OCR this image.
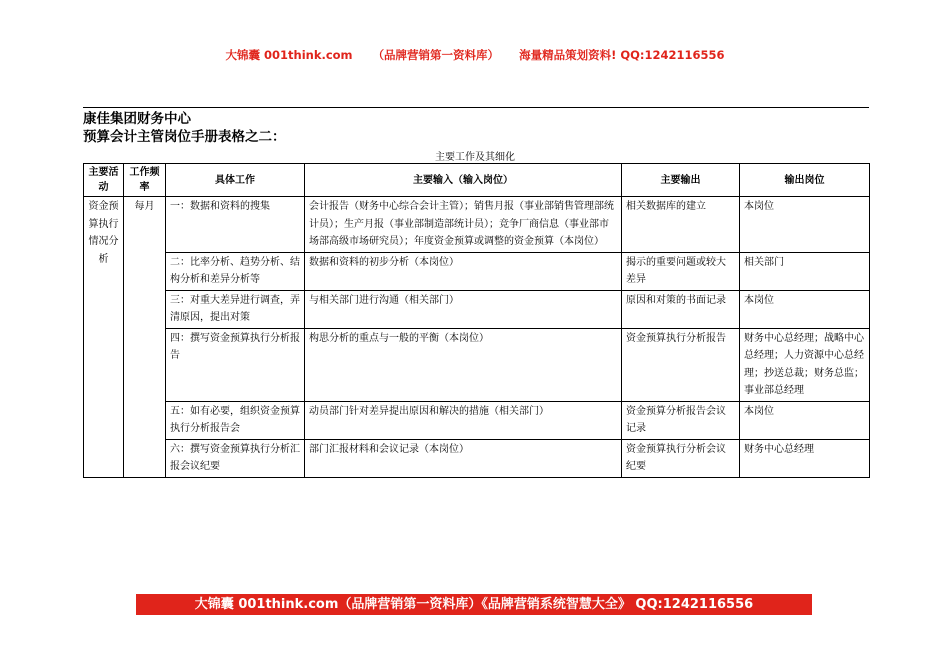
大锦囊 001think.com （品牌营销第一资料库） 海量精品策划资料! QQ:1242116556
康佳集团财务中心
预算会计主管岗位手册表格之二：
主要工作及其细化
主要活动	工作频率	具体工作	主要输入（输入岗位）	主要输出	输出岗位
资金预算执行情况分析	每月	一：数据和资料的搜集	会计报告（财务中心综合会计主管）；销售月报（事业部销售管理部统计员）；生产月报（事业部制造部统计员）；竞争厂商信息（事业部市场部高级市场研究员）；年度资金预算或调整的资金预算（本岗位）	相关数据库的建立	本岗位
		二：比率分析、趋势分析、结构分析和差异分析等	数据和资料的初步分析（本岗位）	揭示的重要问题或较大差异	相关部门
		三：对重大差异进行调查，弄清原因，提出对策	与相关部门进行沟通（相关部门）	原因和对策的书面记录	本岗位
		四：撰写资金预算执行分析报告	构思分析的重点与一般的平衡（本岗位）	资金预算执行分析报告	财务中心总经理；战略中心总经理；人力资源中心总经理；抄送总裁；财务总监；事业部总经理
		五：如有必要，组织资金预算执行分析报告会	动员部门针对差异提出原因和解决的措施（相关部门）	资金预算分析报告会议记录	本岗位
		六：撰写资金预算执行分析汇报会议纪要	部门汇报材料和会议记录（本岗位）	资金预算执行分析会议纪要	财务中心总经理
大锦囊 001think.com（品牌营销第一资料库）《品牌营销系统智慧大全》 QQ:1242116556
